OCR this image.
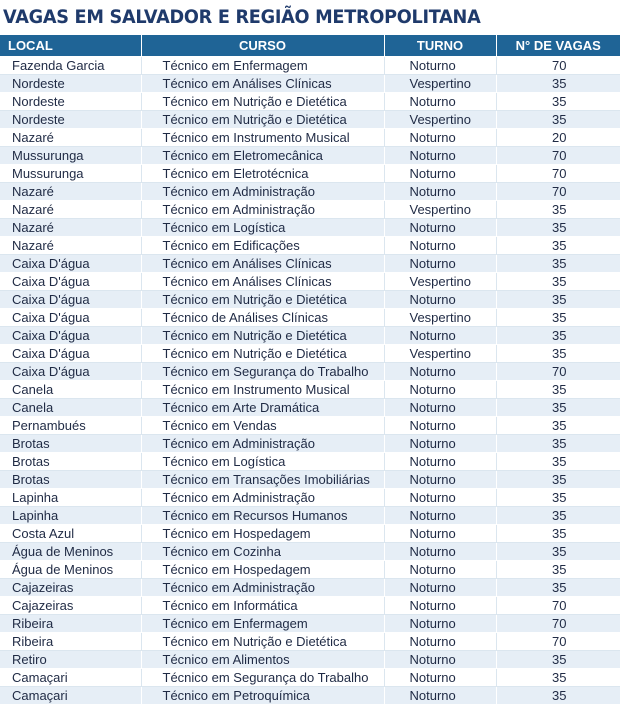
VAGAS EM SALVADOR E REGIÃO METROPOLITANA
LOCAL	CURSO	TURNO	N° DE VAGAS
Fazenda Garcia	Técnico em Enfermagem	Noturno	70
Nordeste	Técnico em Análises Clínicas	Vespertino	35
Nordeste	Técnico em Nutrição e Dietética	Noturno	35
Nordeste	Técnico em Nutrição e Dietética	Vespertino	35
Nazaré	Técnico em Instrumento Musical	Noturno	20
Mussurunga	Técnico em Eletromecânica	Noturno	70
Mussurunga	Técnico em Eletrotécnica	Noturno	70
Nazaré	Técnico em Administração	Noturno	70
Nazaré	Técnico em Administração	Vespertino	35
Nazaré	Técnico em Logística	Noturno	35
Nazaré	Técnico em Edificações	Noturno	35
Caixa D'água	Técnico em Análises Clínicas	Noturno	35
Caixa D'água	Técnico em Análises Clínicas	Vespertino	35
Caixa D'água	Técnico em Nutrição e Dietética	Noturno	35
Caixa D'água	Técnico de Análises Clínicas	Vespertino	35
Caixa D'água	Técnico em Nutrição e Dietética	Noturno	35
Caixa D'água	Técnico em Nutrição e Dietética	Vespertino	35
Caixa D'água	Técnico em Segurança do Trabalho	Noturno	70
Canela	Técnico em Instrumento Musical	Noturno	35
Canela	Técnico em Arte Dramática	Noturno	35
Pernambués	Técnico em Vendas	Noturno	35
Brotas	Técnico em Administração	Noturno	35
Brotas	Técnico em Logística	Noturno	35
Brotas	Técnico em Transações Imobiliárias	Noturno	35
Lapinha	Técnico em Administração	Noturno	35
Lapinha	Técnico em Recursos Humanos	Noturno	35
Costa Azul	Técnico em Hospedagem	Noturno	35
Água de Meninos	Técnico em Cozinha	Noturno	35
Água de Meninos	Técnico em Hospedagem	Noturno	35
Cajazeiras	Técnico em Administração	Noturno	35
Cajazeiras	Técnico em Informática	Noturno	70
Ribeira	Técnico em Enfermagem	Noturno	70
Ribeira	Técnico em Nutrição e Dietética	Noturno	70
Retiro	Técnico em Alimentos	Noturno	35
Camaçari	Técnico em Segurança do Trabalho	Noturno	35
Camaçari	Técnico em Petroquímica	Noturno	35
